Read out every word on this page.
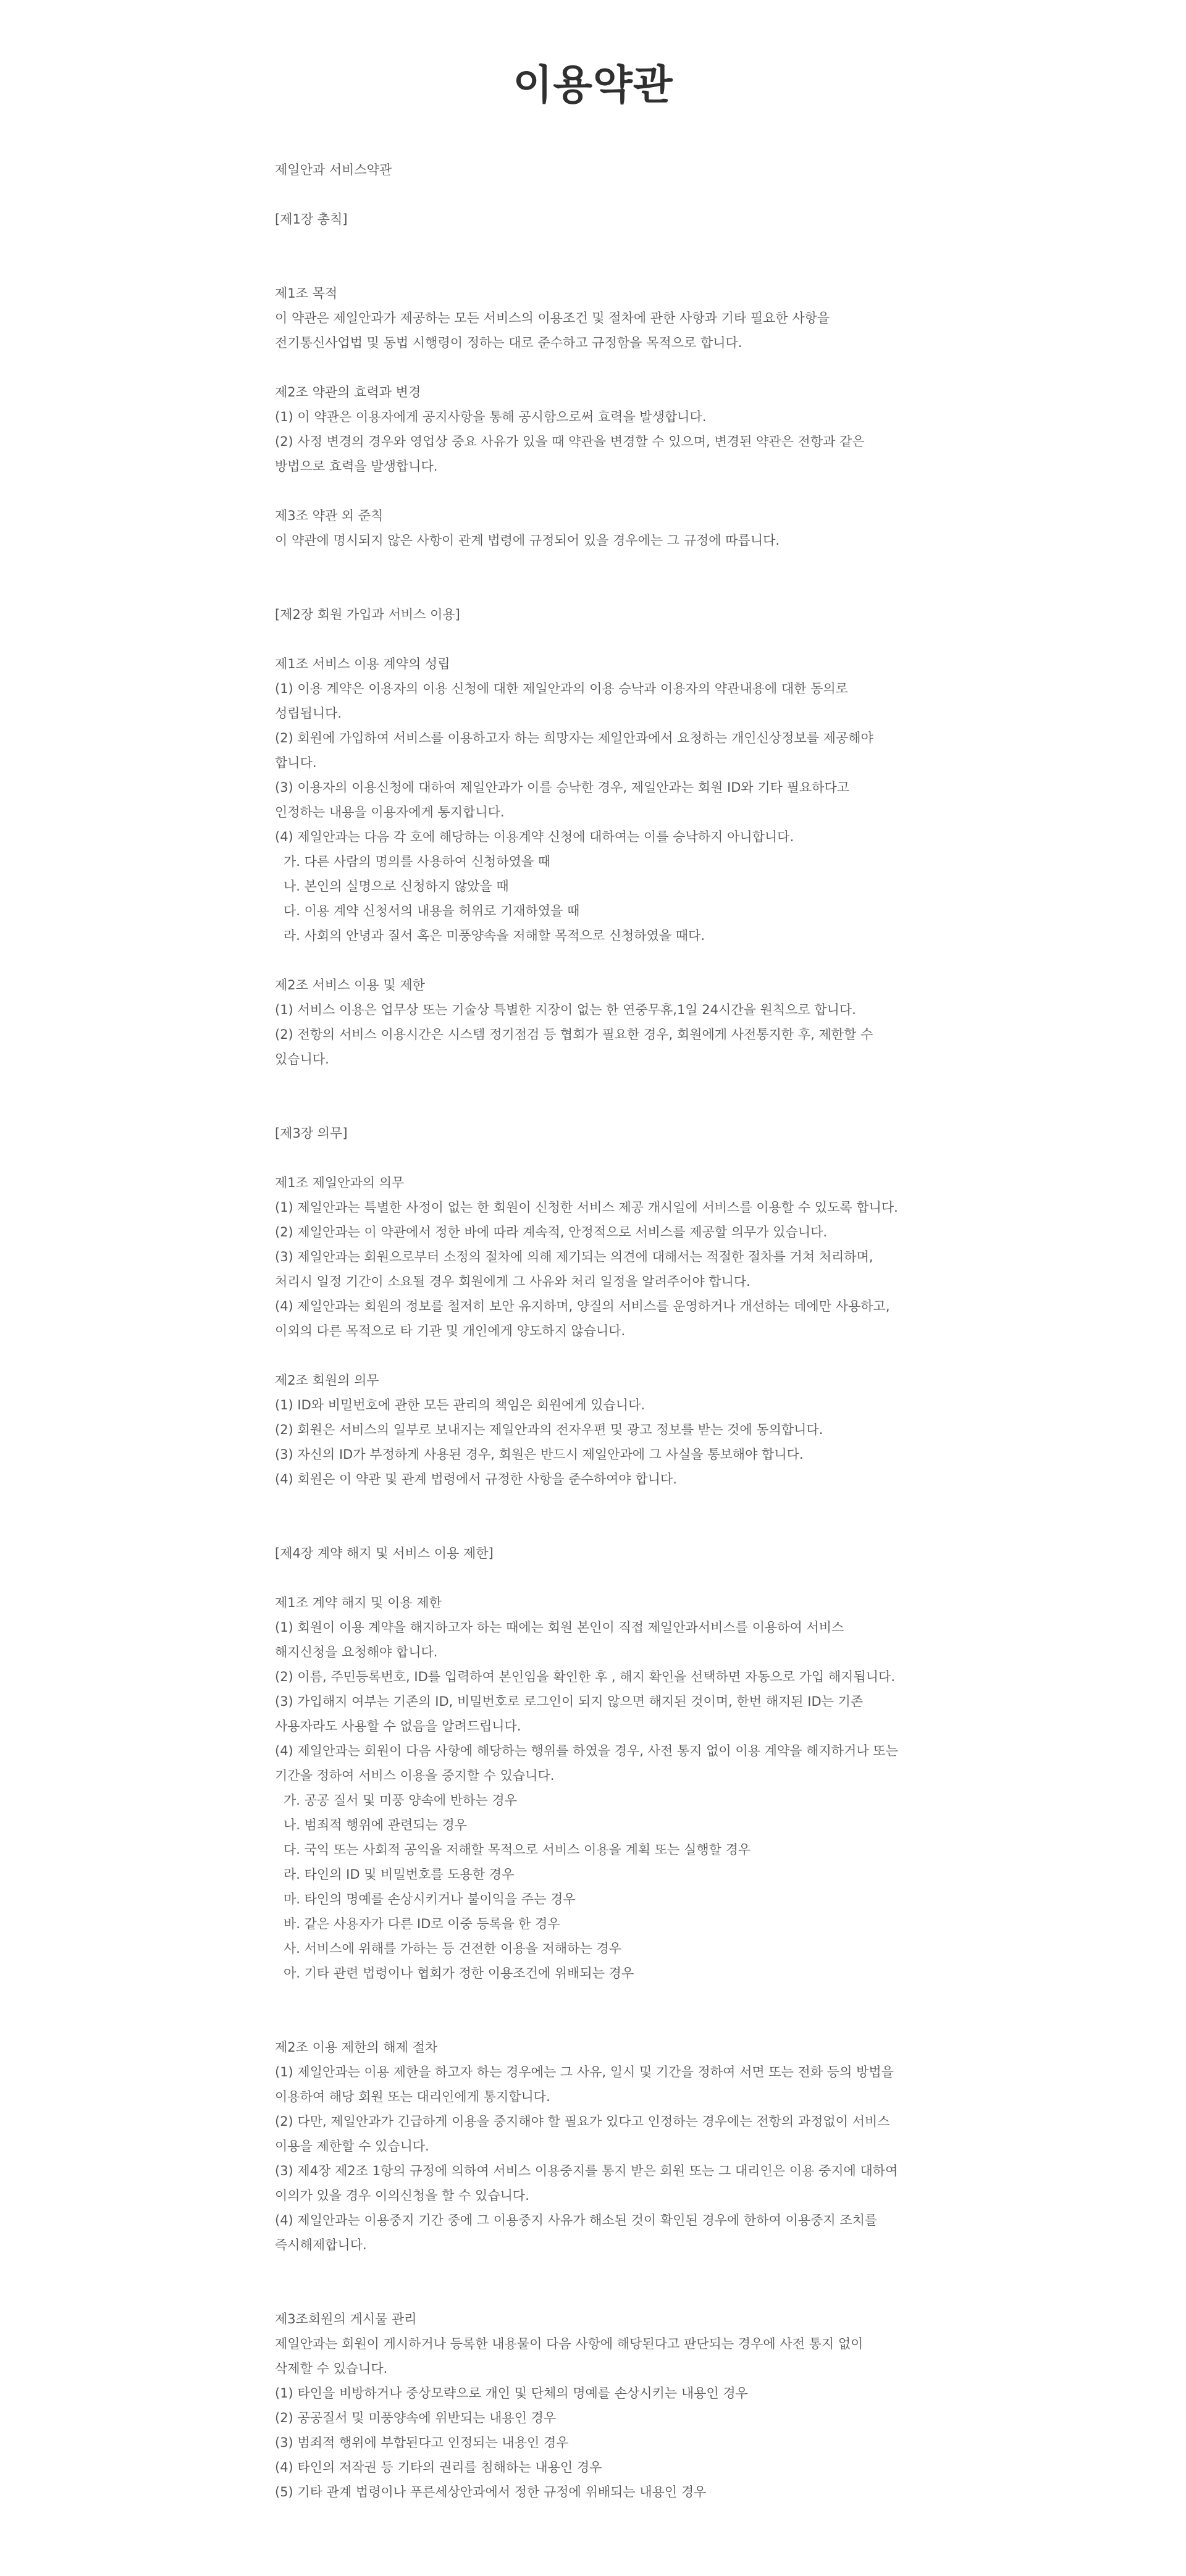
이용약관

제일안과 서비스약관

[제1장 총칙]

제1조 목적

이 약관은 제일안과가 제공하는 모든 서비스의 이용조건 및 절차에 관한 사항과 기타 필요한 사항을

전기통신사업법 및 동법 시행령이 정하는 대로 준수하고 규정함을 목적으로 합니다.

제2조 약관의 효력과 변경

(1) 이 약관은 이용자에게 공지사항을 통해 공시함으로써 효력을 발생합니다.

(2) 사정 변경의 경우와 영업상 중요 사유가 있을 때 약관을 변경할 수 있으며, 변경된 약관은 전항과 같은

방법으로 효력을 발생합니다.

제3조 약관 외 준칙

이 약관에 명시되지 않은 사항이 관계 법령에 규정되어 있을 경우에는 그 규정에 따릅니다.

[제2장 회원 가입과 서비스 이용]

제1조 서비스 이용 계약의 성립

(1) 이용 계약은 이용자의 이용 신청에 대한 제일안과의 이용 승낙과 이용자의 약관내용에 대한 동의로

성립됩니다.

(2) 회원에 가입하여 서비스를 이용하고자 하는 희망자는 제일안과에서 요청하는 개인신상정보를 제공해야

합니다.

(3) 이용자의 이용신청에 대하여 제일안과가 이를 승낙한 경우, 제일안과는 회원 ID와 기타 필요하다고

인정하는 내용을 이용자에게 통지합니다.

(4) 제일안과는 다음 각 호에 해당하는 이용계약 신청에 대하여는 이를 승낙하지 아니합니다.

가. 다른 사람의 명의를 사용하여 신청하였을 때

나. 본인의 실명으로 신청하지 않았을 때

다. 이용 계약 신청서의 내용을 허위로 기재하였을 때

라. 사회의 안녕과 질서 혹은 미풍양속을 저해할 목적으로 신청하였을 때다.

제2조 서비스 이용 및 제한

(1) 서비스 이용은 업무상 또는 기술상 특별한 지장이 없는 한 연중무휴,1일 24시간을 원칙으로 합니다.

(2) 전항의 서비스 이용시간은 시스템 정기점검 등 협회가 필요한 경우, 회원에게 사전통지한 후, 제한할 수

있습니다.

[제3장 의무]

제1조 제일안과의 의무

(1) 제일안과는 특별한 사정이 없는 한 회원이 신청한 서비스 제공 개시일에 서비스를 이용할 수 있도록 합니다.

(2) 제일안과는 이 약관에서 정한 바에 따라 계속적, 안정적으로 서비스를 제공할 의무가 있습니다.

(3) 제일안과는 회원으로부터 소정의 절차에 의해 제기되는 의견에 대해서는 적절한 절차를 거쳐 처리하며,

처리시 일정 기간이 소요될 경우 회원에게 그 사유와 처리 일정을 알려주어야 합니다.

(4) 제일안과는 회원의 정보를 철저히 보안 유지하며, 양질의 서비스를 운영하거나 개선하는 데에만 사용하고,

이외의 다른 목적으로 타 기관 및 개인에게 양도하지 않습니다.

제2조 회원의 의무

(1) ID와 비밀번호에 관한 모든 관리의 책임은 회원에게 있습니다.

(2) 회원은 서비스의 일부로 보내지는 제일안과의 전자우편 및 광고 정보를 받는 것에 동의합니다.

(3) 자신의 ID가 부정하게 사용된 경우, 회원은 반드시 제일안과에 그 사실을 통보해야 합니다.

(4) 회원은 이 약관 및 관계 법령에서 규정한 사항을 준수하여야 합니다.

[제4장 계약 해지 및 서비스 이용 제한]

제1조 계약 해지 및 이용 제한

(1) 회원이 이용 계약을 해지하고자 하는 때에는 회원 본인이 직접 제일안과서비스를 이용하여 서비스

해지신청을 요청해야 합니다.

(2) 이름, 주민등록번호, ID를 입력하여 본인임을 확인한 후 , 해지 확인을 선택하면 자동으로 가입 해지됩니다.

(3) 가입해지 여부는 기존의 ID, 비밀번호로 로그인이 되지 않으면 해지된 것이며, 한번 해지된 ID는 기존

사용자라도 사용할 수 없음을 알려드립니다.

(4) 제일안과는 회원이 다음 사항에 해당하는 행위를 하였을 경우, 사전 통지 없이 이용 계약을 해지하거나 또는

기간을 정하여 서비스 이용을 중지할 수 있습니다.

가. 공공 질서 및 미풍 양속에 반하는 경우

나. 범죄적 행위에 관련되는 경우

다. 국익 또는 사회적 공익을 저해할 목적으로 서비스 이용을 계획 또는 실행할 경우

라. 타인의 ID 및 비밀번호를 도용한 경우

마. 타인의 명예를 손상시키거나 불이익을 주는 경우

바. 같은 사용자가 다른 ID로 이중 등록을 한 경우

사. 서비스에 위해를 가하는 등 건전한 이용을 저해하는 경우

아. 기타 관련 법령이나 협회가 정한 이용조건에 위배되는 경우

제2조 이용 제한의 해제 절차

(1) 제일안과는 이용 제한을 하고자 하는 경우에는 그 사유, 일시 및 기간을 정하여 서면 또는 전화 등의 방법을

이용하여 해당 회원 또는 대리인에게 통지합니다.

(2) 다만, 제일안과가 긴급하게 이용을 중지해야 할 필요가 있다고 인정하는 경우에는 전항의 과정없이 서비스

이용을 제한할 수 있습니다.

(3) 제4장 제2조 1항의 규정에 의하여 서비스 이용중지를 통지 받은 회원 또는 그 대리인은 이용 중지에 대하여

이의가 있을 경우 이의신청을 할 수 있습니다.

(4) 제일안과는 이용중지 기간 중에 그 이용중지 사유가 해소된 것이 확인된 경우에 한하여 이용중지 조치를

즉시해제합니다.

제3조회원의 게시물 관리

제일안과는 회원이 게시하거나 등록한 내용물이 다음 사항에 해당된다고 판단되는 경우에 사전 통지 없이

삭제할 수 있습니다.

(1) 타인을 비방하거나 중상모략으로 개인 및 단체의 명예를 손상시키는 내용인 경우

(2) 공공질서 및 미풍양속에 위반되는 내용인 경우

(3) 범죄적 행위에 부합된다고 인정되는 내용인 경우

(4) 타인의 저작권 등 기타의 권리를 침해하는 내용인 경우

(5) 기타 관계 법령이나 푸른세상안과에서 정한 규정에 위배되는 내용인 경우
